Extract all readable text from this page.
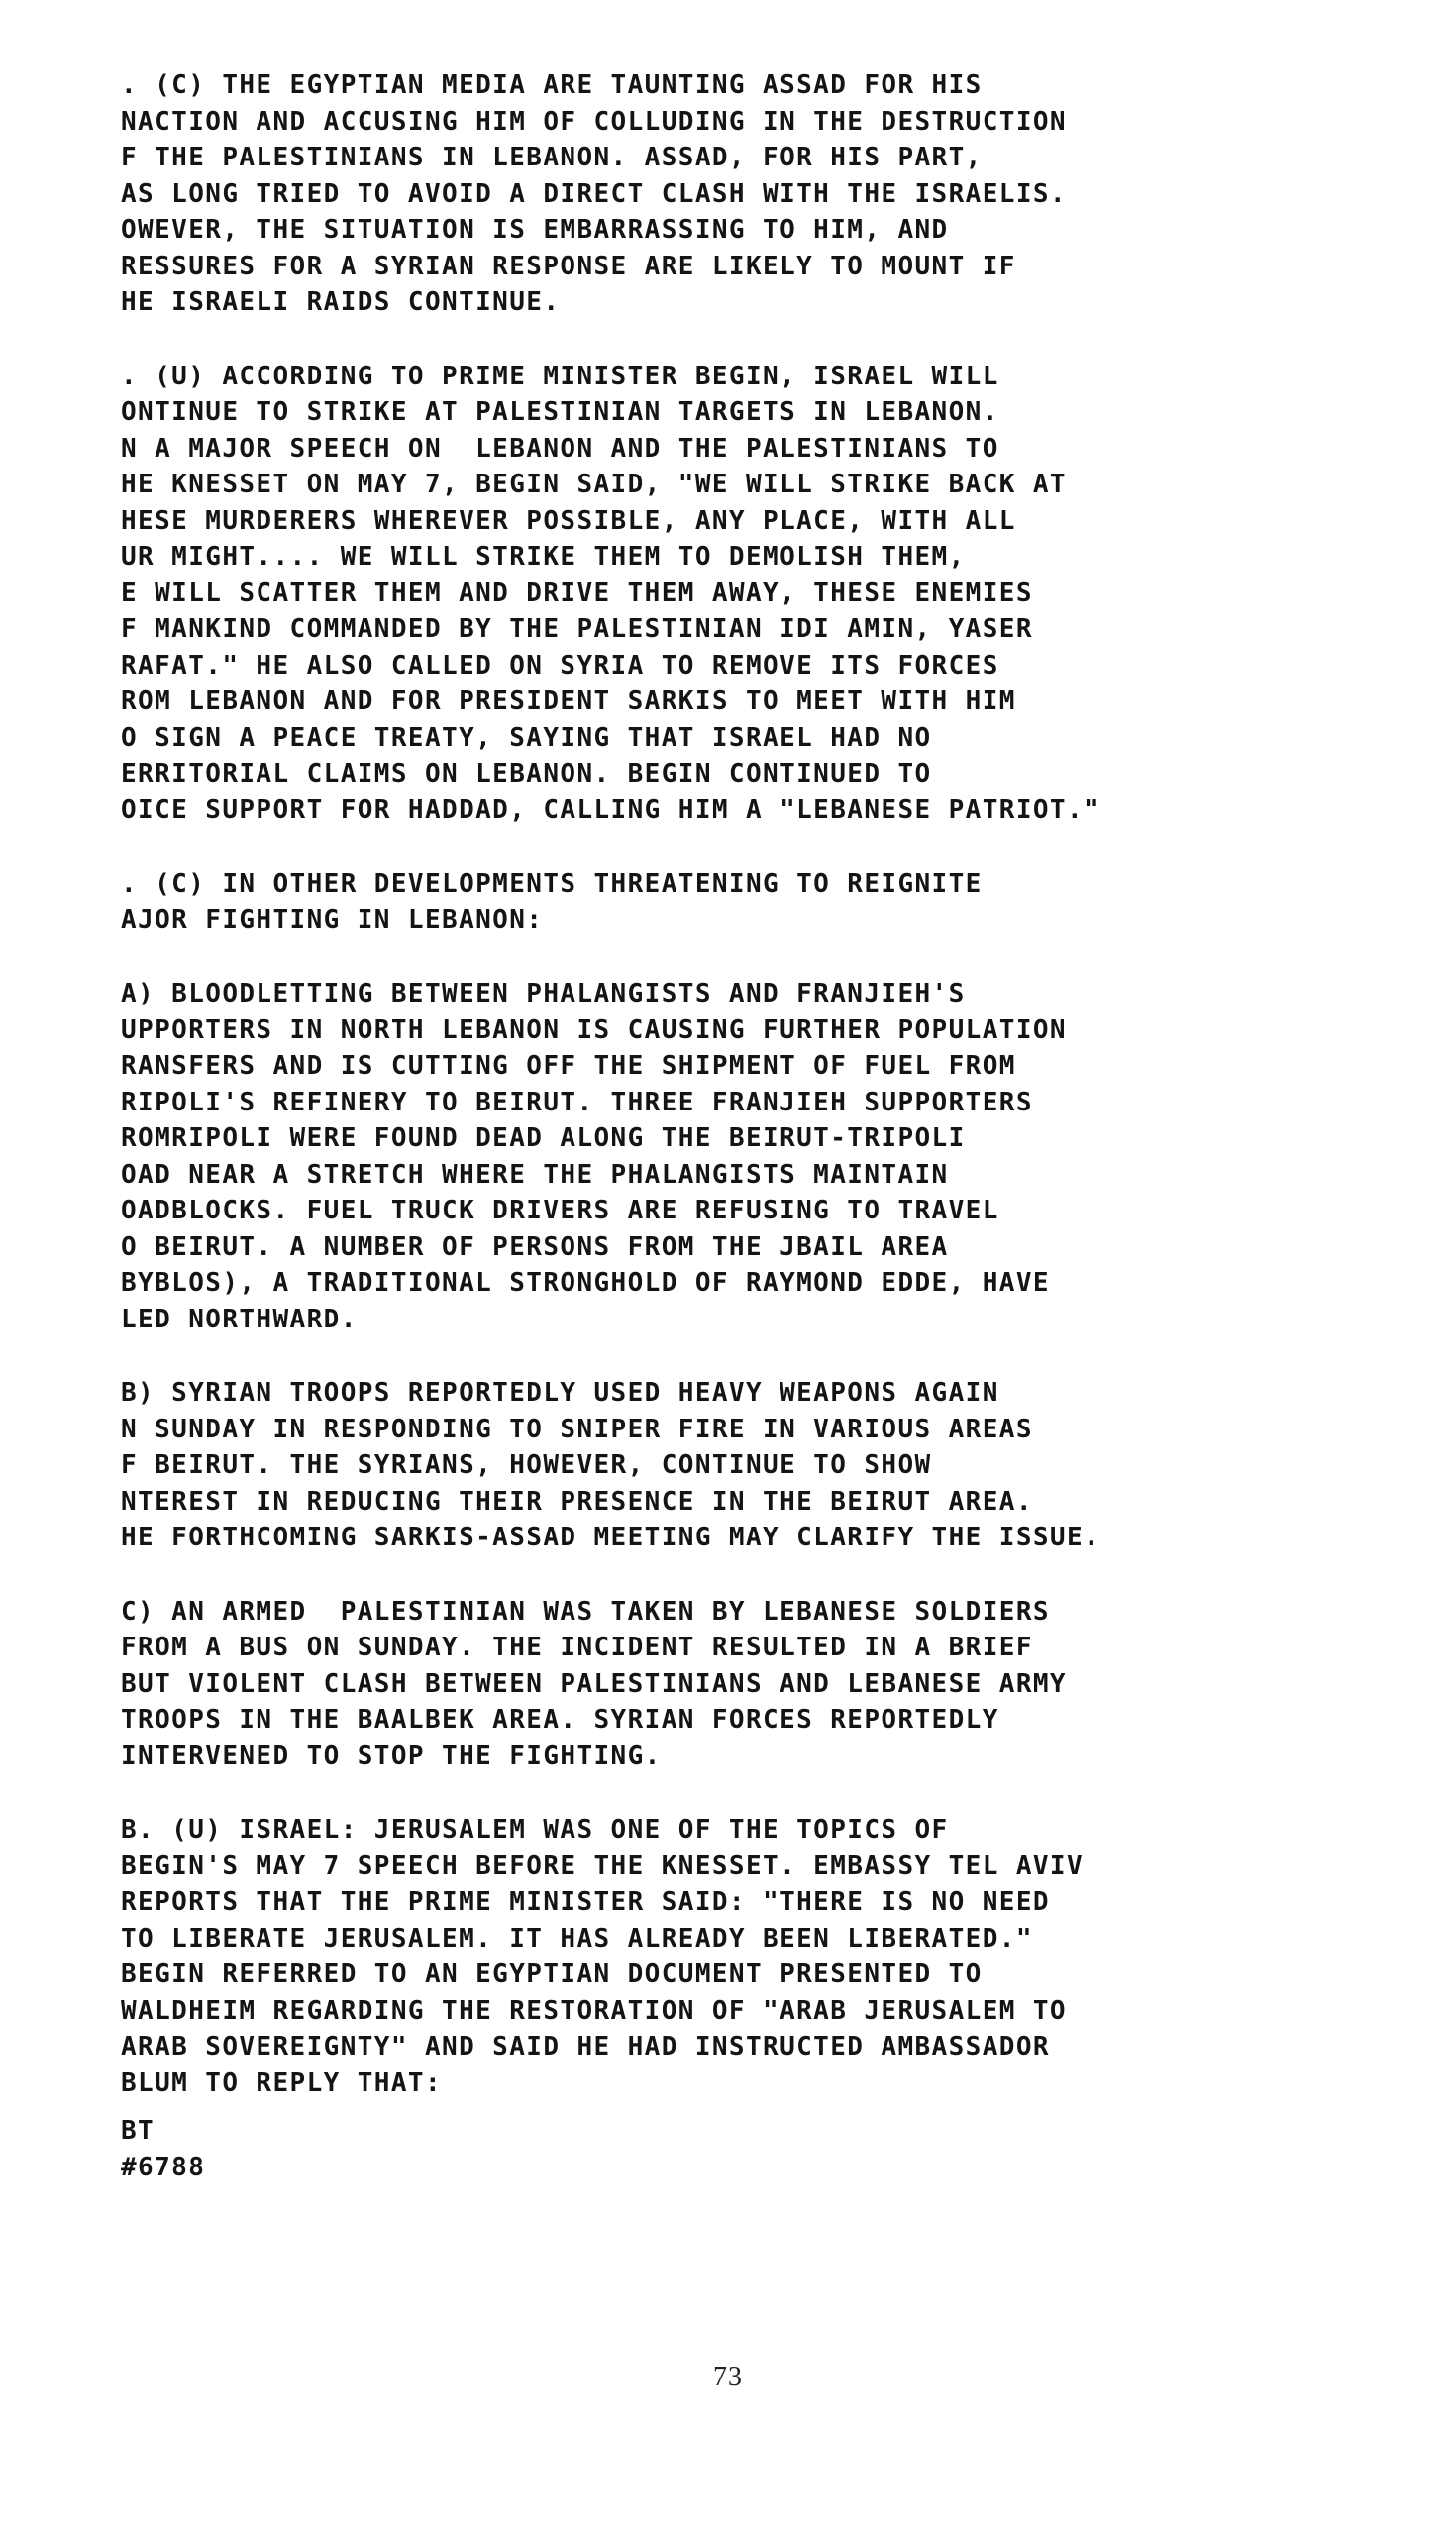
. (C) THE EGYPTIAN MEDIA ARE TAUNTING ASSAD FOR HIS
NACTION AND ACCUSING HIM OF COLLUDING IN THE DESTRUCTION
F THE PALESTINIANS IN LEBANON. ASSAD, FOR HIS PART,
AS LONG TRIED TO AVOID A DIRECT CLASH WITH THE ISRAELIS.
OWEVER, THE SITUATION IS EMBARRASSING TO HIM, AND
RESSURES FOR A SYRIAN RESPONSE ARE LIKELY TO MOUNT IF
HE ISRAELI RAIDS CONTINUE.
. (U) ACCORDING TO PRIME MINISTER BEGIN, ISRAEL WILL
ONTINUE TO STRIKE AT PALESTINIAN TARGETS IN LEBANON.
N A MAJOR SPEECH ON  LEBANON AND THE PALESTINIANS TO
HE KNESSET ON MAY 7, BEGIN SAID, "WE WILL STRIKE BACK AT
HESE MURDERERS WHEREVER POSSIBLE, ANY PLACE, WITH ALL
UR MIGHT.... WE WILL STRIKE THEM TO DEMOLISH THEM,
E WILL SCATTER THEM AND DRIVE THEM AWAY, THESE ENEMIES
F MANKIND COMMANDED BY THE PALESTINIAN IDI AMIN, YASER
RAFAT." HE ALSO CALLED ON SYRIA TO REMOVE ITS FORCES
ROM LEBANON AND FOR PRESIDENT SARKIS TO MEET WITH HIM
O SIGN A PEACE TREATY, SAYING THAT ISRAEL HAD NO
ERRITORIAL CLAIMS ON LEBANON. BEGIN CONTINUED TO
OICE SUPPORT FOR HADDAD, CALLING HIM A "LEBANESE PATRIOT."
. (C) IN OTHER DEVELOPMENTS THREATENING TO REIGNITE
AJOR FIGHTING IN LEBANON:
A) BLOODLETTING BETWEEN PHALANGISTS AND FRANJIEH'S
UPPORTERS IN NORTH LEBANON IS CAUSING FURTHER POPULATION
RANSFERS AND IS CUTTING OFF THE SHIPMENT OF FUEL FROM
RIPOLI'S REFINERY TO BEIRUT. THREE FRANJIEH SUPPORTERS
ROMRIPOLI WERE FOUND DEAD ALONG THE BEIRUT-TRIPOLI
OAD NEAR A STRETCH WHERE THE PHALANGISTS MAINTAIN
OADBLOCKS. FUEL TRUCK DRIVERS ARE REFUSING TO TRAVEL
O BEIRUT. A NUMBER OF PERSONS FROM THE JBAIL AREA
BYBLOS), A TRADITIONAL STRONGHOLD OF RAYMOND EDDE, HAVE
LED NORTHWARD.
B) SYRIAN TROOPS REPORTEDLY USED HEAVY WEAPONS AGAIN
N SUNDAY IN RESPONDING TO SNIPER FIRE IN VARIOUS AREAS
F BEIRUT. THE SYRIANS, HOWEVER, CONTINUE TO SHOW
NTEREST IN REDUCING THEIR PRESENCE IN THE BEIRUT AREA.
HE FORTHCOMING SARKIS-ASSAD MEETING MAY CLARIFY THE ISSUE.
C) AN ARMED  PALESTINIAN WAS TAKEN BY LEBANESE SOLDIERS
FROM A BUS ON SUNDAY. THE INCIDENT RESULTED IN A BRIEF
BUT VIOLENT CLASH BETWEEN PALESTINIANS AND LEBANESE ARMY
TROOPS IN THE BAALBEK AREA. SYRIAN FORCES REPORTEDLY
INTERVENED TO STOP THE FIGHTING.
B. (U) ISRAEL: JERUSALEM WAS ONE OF THE TOPICS OF
BEGIN'S MAY 7 SPEECH BEFORE THE KNESSET. EMBASSY TEL AVIV
REPORTS THAT THE PRIME MINISTER SAID: "THERE IS NO NEED
TO LIBERATE JERUSALEM. IT HAS ALREADY BEEN LIBERATED."
BEGIN REFERRED TO AN EGYPTIAN DOCUMENT PRESENTED TO
WALDHEIM REGARDING THE RESTORATION OF "ARAB JERUSALEM TO
ARAB SOVEREIGNTY" AND SAID HE HAD INSTRUCTED AMBASSADOR
BLUM TO REPLY THAT:
BT
#6788
73
